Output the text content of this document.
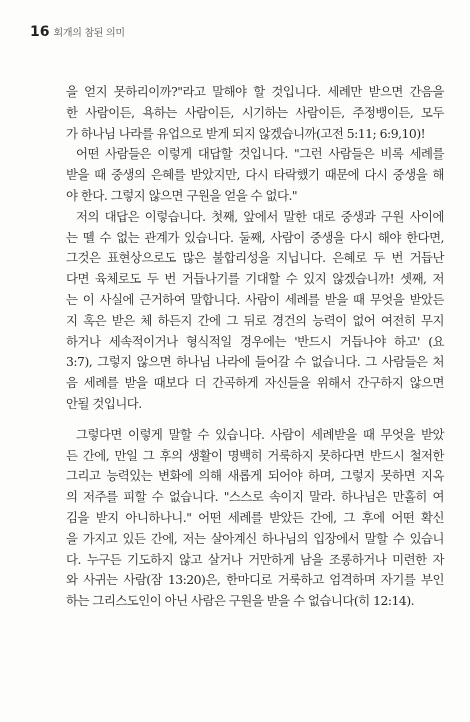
16 회개의 참된 의미
을 얻지 못하리이까?"라고 말해야 할 것입니다. 세례만 받으면 간음을
한 사람이든, 욕하는 사람이든, 시기하는 사람이든, 주정뱅이든, 모두
가 하나님 나라를 유업으로 받게 되지 않겠습니까(고전 5:11; 6:9,10)!
어떤 사람들은 이렇게 대답할 것입니다. "그런 사람들은 비록 세례를
받을 때 중생의 은혜를 받았지만, 다시 타락했기 때문에 다시 중생을 해
야 한다. 그렇지 않으면 구원을 얻을 수 없다."
저의 대답은 이렇습니다. 첫째, 앞에서 말한 대로 중생과 구원 사이에
는 뗄 수 없는 관계가 있습니다. 둘째, 사람이 중생을 다시 해야 한다면,
그것은 표현상으로도 많은 불합리성을 지닙니다. 은혜로 두 번 거듭난
다면 육체로도 두 번 거듭나기를 기대할 수 있지 않겠습니까! 셋째, 저
는 이 사실에 근거하여 말합니다. 사람이 세례를 받을 때 무엇을 받았든
지 혹은 받은 체 하든지 간에 그 뒤로 경건의 능력이 없어 여전히 무지
하거나 세속적이거나 형식적일 경우에는 '반드시 거듭나야 하고' (요
3:7), 그렇지 않으면 하나님 나라에 들어갈 수 없습니다. 그 사람들은 처
음 세례를 받을 때보다 더 간곡하게 자신들을 위해서 간구하지 않으면
안될 것입니다.
그렇다면 이렇게 말할 수 있습니다. 사람이 세례받을 때 무엇을 받았
든 간에, 만일 그 후의 생활이 명백히 거룩하지 못하다면 반드시 철저한
그리고 능력있는 변화에 의해 새롭게 되어야 하며, 그렇지 못하면 지옥
의 저주를 피할 수 없습니다. "스스로 속이지 말라. 하나님은 만홀히 여
김을 받지 아니하나니." 어떤 세례를 받았든 간에, 그 후에 어떤 확신
을 가지고 있든 간에, 저는 살아계신 하나님의 입장에서 말할 수 있습니
다. 누구든 기도하지 않고 살거나 거만하게 남을 조롱하거나 미련한 자
와 사귀는 사람(잠 13:20)은, 한마디로 거룩하고 엄격하며 자기를 부인
하는 그리스도인이 아닌 사람은 구원을 받을 수 없습니다(히 12:14).
